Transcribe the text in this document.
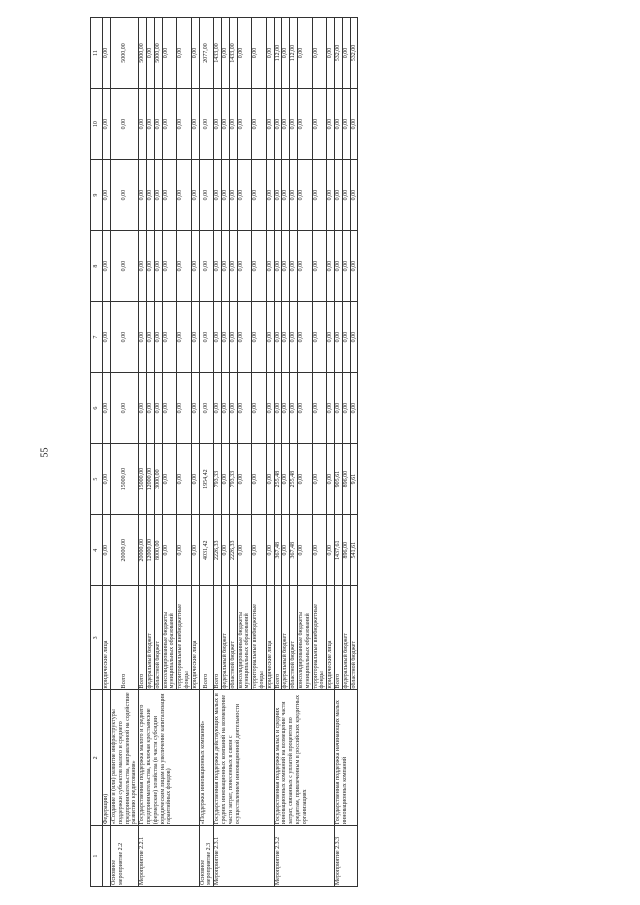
55
1	2	3	4	5	6	7	8	9	10	11
	Федерации)	юридические лица	0,00	0,00	0,00	0,00	0,00	0,00	0,00	0,00
Основное мероприятие 2.2	«Создание и (или) развитие инфраструктуры поддержки субъектов малого и среднего предпринимательства, направленной на содействие развитию кредитования»	Всего	20000,00	15000,00	0,00	0,00	0,00	0,00	0,00	5000,00
Мероприятие 2.2.1	Государственная поддержка малого и среднего предпринимательства, включая крестьянские (фермерские) хозяйства (в части субсидии юридическим лицам на увеличение капитализации гарантийных фондов)	Всего	20000,00	15000,00	0,00	0,00	0,00	0,00	0,00	5000,00
		федеральный бюджет	12000,00	12000,00	0,00	0,00	0,00	0,00	0,00	0,00
		областной бюджет	8000,00	3000,00	0,00	0,00	0,00	0,00	0,00	5000,00
		консолидированные бюджеты муниципальных образований	0,00	0,00	0,00	0,00	0,00	0,00	0,00	0,00
		территориальные внебюджетные фонды	0,00	0,00	0,00	0,00	0,00	0,00	0,00	0,00
		юридические лица	0,00	0,00	0,00	0,00	0,00	0,00	0,00	0,00
Основное мероприятие 2.3	«Поддержка инновационных компаний»	Всего	4031,42	1954,42	0,00	0,00	0,00	0,00	0,00	2077,00
Мероприятие 2.3.1	Государственная поддержка действующих малых и средних инновационных компаний на возмещение части затрат, понесенных в связи с осуществлением инновационной деятельности	Всего	2226,33	793,33	0,00	0,00	0,00	0,00	0,00	1433,00
		федеральный бюджет	0,00	0,00	0,00	0,00	0,00	0,00	0,00	0,00
		областной бюджет	2226,33	793,33	0,00	0,00	0,00	0,00	0,00	1433,00
		консолидированные бюджеты муниципальных образований	0,00	0,00	0,00	0,00	0,00	0,00	0,00	0,00
		территориальные внебюджетные фонды	0,00	0,00	0,00	0,00	0,00	0,00	0,00	0,00
		юридические лица	0,00	0,00	0,00	0,00	0,00	0,00	0,00	0,00
Мероприятие 2.3.2	Государственная поддержка малых и средних инновационных компаний на возмещение части затрат, связанных с уплатой процентов по кредитам, привлеченным в российских кредитных организациях	Всего	367,48	255,48	0,00	0,00	0,00	0,00	0,00	112,00
		федеральный бюджет	0,00	0,00	0,00	0,00	0,00	0,00	0,00	0,00
		областной бюджет	367,48	255,48	0,00	0,00	0,00	0,00	0,00	112,00
		консолидированные бюджеты муниципальных образований	0,00	0,00	0,00	0,00	0,00	0,00	0,00	0,00
		территориальные внебюджетные фонды	0,00	0,00	0,00	0,00	0,00	0,00	0,00	0,00
		юридические лица	0,00	0,00	0,00	0,00	0,00	0,00	0,00	0,00
Мероприятие 2.3.3	Государственная поддержка начинающих малых инновационных компаний	Всего	1437,61	905,61	0,00	0,00	0,00	0,00	0,00	532,00
		федеральный бюджет	896,00	896,00	0,00	0,00	0,00	0,00	0,00	0,00
		областной бюджет	541,61	9,61	0,00	0,00	0,00	0,00	0,00	532,00
